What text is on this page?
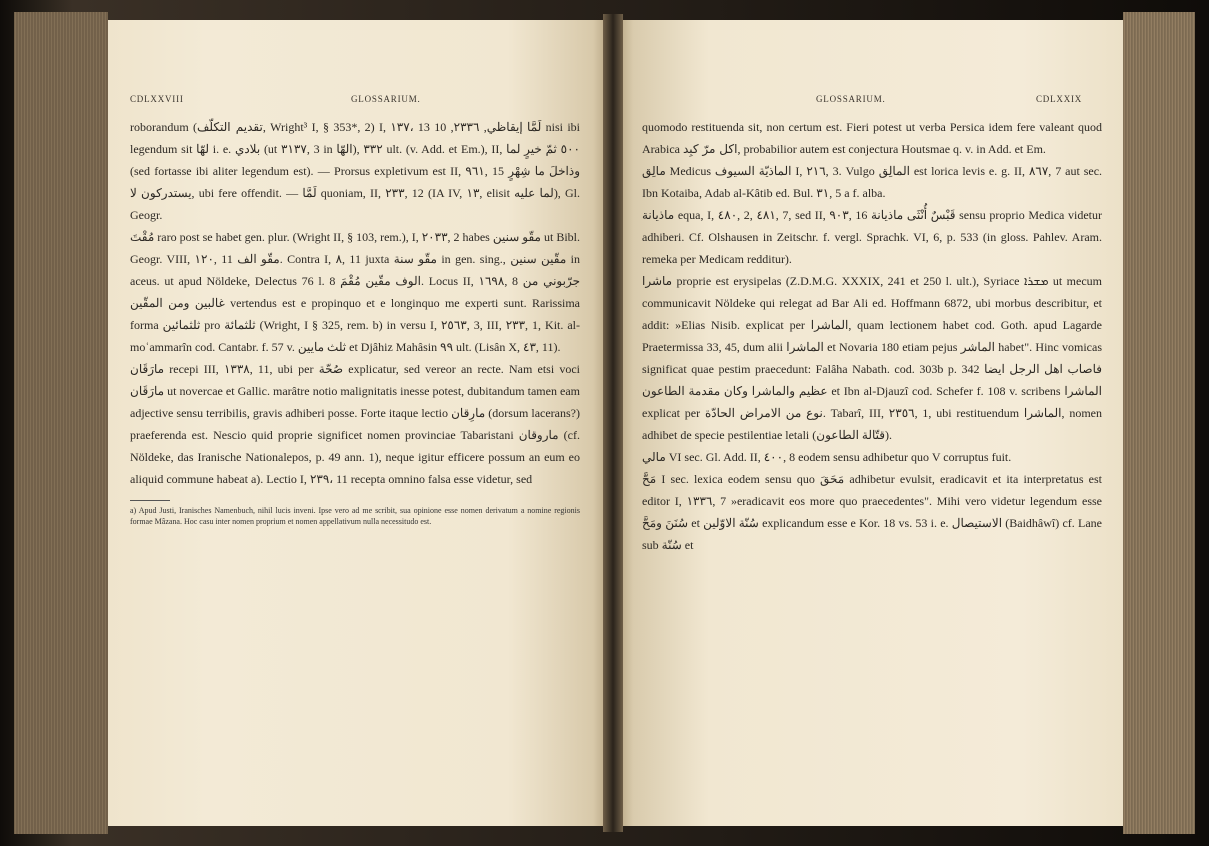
CDLXXVIII	GLOSSARIUM.

roborandum (تقديم التكلّف, Wright³ I, § 353*, 2) I, ١٣٧، 13 لَمَّا إيقاظي, ٢٣٣٦, 10 nisi ibi legendum sit لهّا i. e. بلادي (ut ٣١٣٧, 3 in الهّا), ٣٣٢ ult. (v. Add. et Em.), II, ٥٠٠ ثمّ خيرٍ لما (sed fortasse ibi aliter legendum est). — Prorsus expletivum est II, ٩٦١, 15 وذاخلَ ما شِهْرٍ يستدركون لا, ubi fere offendit. — لَمَّا quoniam, II, ٢٣٣, 12 (IA IV, ١٣, elisit لما عليه), Gl. Geogr.

مُقْتَ raro post se habet gen. plur. (Wright II, § 103, rem.), I, ٢٠٣٣, 2 habes مقّو سنين ut Bibl. Geogr. VIII, ١٢٠, 11 مقّو الف. Contra I, ٨, 11 juxta مقّو سنة in gen. sing., مقّين سنين in aceus. ut apud Nöldeke, Delectus 76 l. 8 الوف مقّين مُقْمَ. Locus II, ١٦٩٨, 8 جرّبوني من غالبين ومن المقّين vertendus est e propinquo et e longinquo me experti sunt. Rarissima forma ثلثمائين pro ثلثمائة (Wright, I § 325, rem. b) in versu I, ٢٥٦٣, 3, III, ٢٣٣, 1, Kit. al-moʿammarîn cod. Cantabr. f. 57 v. ثلث مايين et Djâhiz Mahâsin ٩٩ ult. (Lisân X, ٤٣, 11).

مارَقَان recepi III, ١٣٣٨, 11, ubi per صُحّة explicatur, sed vereor an recte. Nam etsi voci مارَقَان ut novercae et Gallic. marâtre notio malignitatis inesse potest, dubitandum tamen eam adjective sensu terribilis, gravis adhiberi posse. Forte itaque lectio مارِقان (dorsum lacerans?) praeferenda est. Nescio quid proprie significet nomen provinciae Tabaristani ماروقان (cf. Nöldeke, das Iranische Nationalepos, p. 49 ann. 1), neque igitur efficere possum an eum eo aliquid commune habeat a). Lectio I, ٢٣٩، 11 recepta omnino falsa esse videtur, sed

a) Apud Justi, Iranisches Namenbuch, nihil lucis inveni. Ipse vero ad me scribit, sua opinione esse nomen derivatum a nomine regionis formae Mâzana. Hoc casu inter nomen proprium et nomen appellativum nulla necessitudo est.

GLOSSARIUM.	CDLXXIX

quomodo restituenda sit, non certum est. Fieri potest ut verba Persica idem fere valeant quod Arabica اكل مرّ كبِد, probabilior autem est conjectura Houtsmae q. v. in Add. et Em.

مالِق Medicus الماذيّة السيوف I, ٢١٦, 3. Vulgo المالِق est lorica levis e. g. II, ٨٦٧, 7 aut sec. Ibn Kotaiba, Adab al-Kâtib ed. Bul. ٣١, 5 a f. alba.

ماذيانة equa, I, ٤٨٠, 2, ٤٨١, 7, sed II, ٩٠٣, 16 قَبْسٌ أُنْثَى ماذيانة sensu proprio Medica videtur adhiberi. Cf. Olshausen in Zeitschr. f. vergl. Sprachk. VI, 6, p. 533 (in gloss. Pahlev. Aram. remeka per Medicam redditur).

ماشرا proprie est erysipelas (Z.D.M.G. XXXIX, 241 et 250 l. ult.), Syriace ܡܫܪܐ ut mecum communicavit Nöldeke qui relegat ad Bar Ali ed. Hoffmann 6872, ubi morbus describitur, et addit: »Elias Nisib. explicat per الماشرا, quam lectionem habet cod. Goth. apud Lagarde Praetermissa 33, 45, dum alii الماشرا et Novaria 180 etiam pejus الماشر habet". Hinc vomicas significat quae pestim praecedunt: Falâha Nabath. cod. 303b p. 342 فاصاب اهل الرجل ايضا عظيم والماشرا وكان مقدمة الطاعون et Ibn al-Djauzî cod. Schefer f. 108 v. scribens الماشرا explicat per نوع من الامراض الحادّة. Tabarî, III, ٢٣٥٦, 1, ubi restituendum الماشرا, nomen adhibet de specie pestilentiae letali (قتّالة الطاعون).

مالي VI sec. Gl. Add. II, ٤٠٠, 8 eodem sensu adhibetur quo V corruptus fuit.

مَحَّ I sec. lexica eodem sensu quo مَحَقَ adhibetur evulsit, eradicavit et ita interpretatus est editor I, ١٣٣٦, 7 »eradicavit eos more quo praecedentes". Mihi vero videtur legendum esse سُنَنَ ومَحَّ et سُنّة الاوّلين explicandum esse e Kor. 18 vs. 53 i. e. الاستيصال (Baidhâwî) cf. Lane sub سُنّة et
